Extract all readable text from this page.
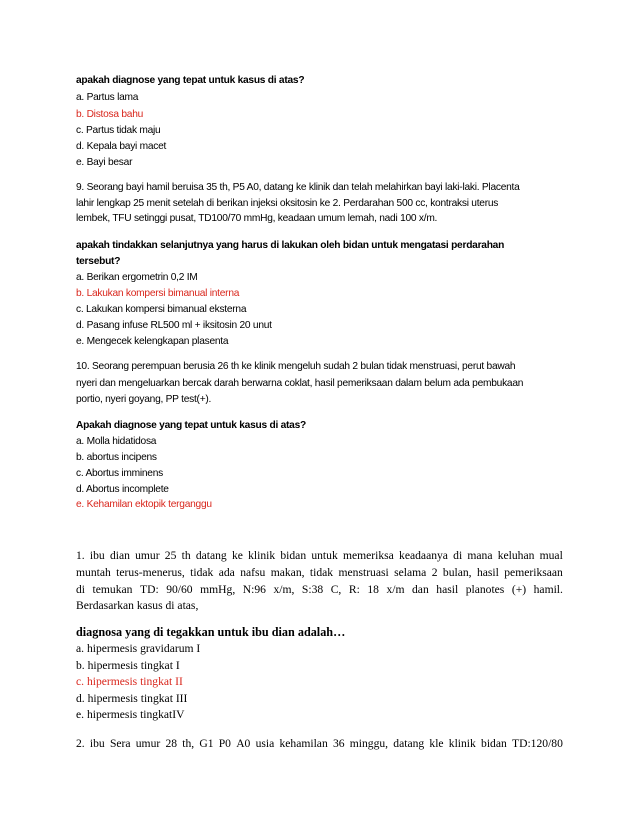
apakah diagnose yang tepat untuk kasus di atas?
a. Partus lama
b. Distosa bahu
c. Partus tidak maju
d. Kepala bayi macet
e. Bayi besar
9. Seorang bayi hamil beruisa 35 th, P5 A0, datang ke klinik dan telah melahirkan bayi laki-laki. Placenta
lahir lengkap 25 menit setelah di berikan injeksi oksitosin ke 2. Perdarahan 500 cc, kontraksi uterus
lembek, TFU setinggi pusat, TD100/70 mmHg, keadaan umum lemah, nadi 100 x/m.
apakah tindakkan selanjutnya yang harus di lakukan oleh bidan untuk mengatasi perdarahan
tersebut?
a. Berikan ergometrin 0,2 IM
b. Lakukan kompersi bimanual interna
c. Lakukan kompersi bimanual eksterna
d. Pasang infuse RL500 ml + iksitosin 20 unut
e. Mengecek kelengkapan plasenta
10. Seorang perempuan berusia 26 th ke klinik mengeluh sudah 2 bulan tidak menstruasi, perut bawah
nyeri dan mengeluarkan bercak darah berwarna coklat, hasil pemeriksaan dalam belum ada pembukaan
portio, nyeri goyang, PP test(+).
Apakah diagnose yang tepat untuk kasus di atas?
a. Molla hidatidosa
b. abortus incipens
c. Abortus imminens
d. Abortus incomplete
e. Kehamilan ektopik terganggu
1. ibu dian umur 25 th datang ke klinik bidan untuk memeriksa keadaanya di mana keluhan mual
muntah terus-menerus, tidak ada nafsu makan, tidak menstruasi selama 2 bulan, hasil pemeriksaan
di temukan TD: 90/60 mmHg, N:96 x/m, S:38 C, R: 18 x/m dan hasil planotes (+) hamil.
Berdasarkan kasus di atas,
diagnosa yang di tegakkan untuk ibu dian adalah…
a. hipermesis gravidarum I
b. hipermesis tingkat I
c. hipermesis tingkat II
d. hipermesis tingkat III
e. hipermesis tingkatIV
2. ibu Sera umur 28 th, G1 P0 A0 usia kehamilan 36 minggu, datang kle klinik bidan TD:120/80
